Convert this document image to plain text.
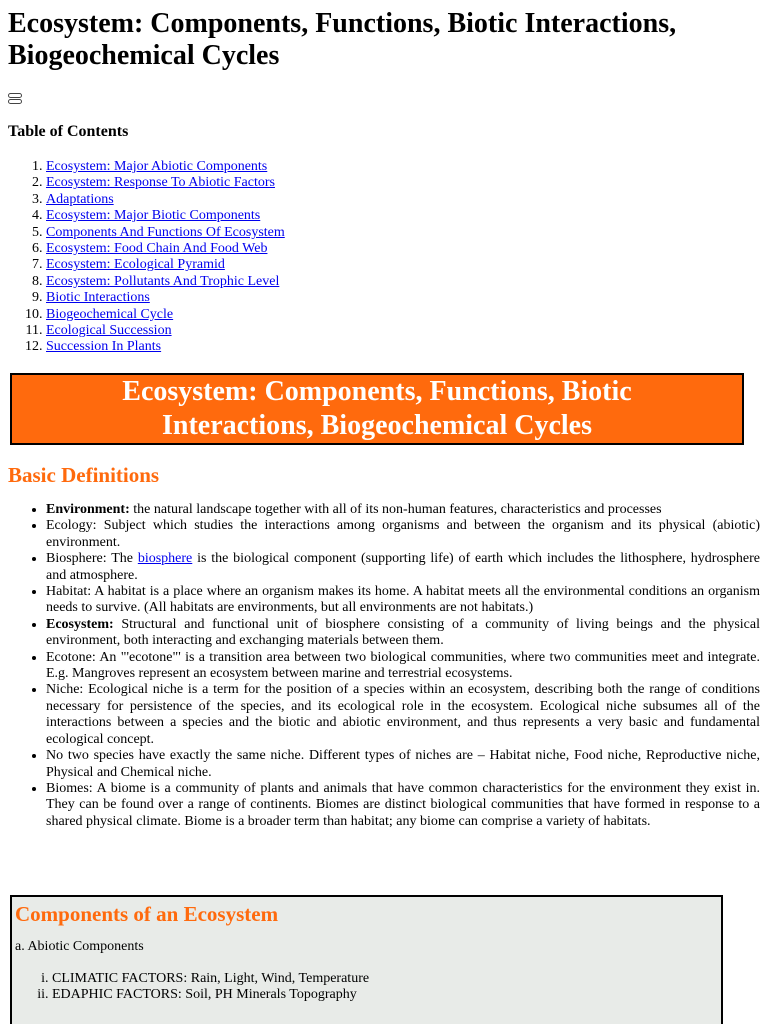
Ecosystem: Components, Functions, Biotic Interactions, Biogeochemical Cycles
Table of Contents
1. Ecosystem: Major Abiotic Components
2. Ecosystem: Response To Abiotic Factors
3. Adaptations
4. Ecosystem: Major Biotic Components
5. Components And Functions Of Ecosystem
6. Ecosystem: Food Chain And Food Web
7. Ecosystem: Ecological Pyramid
8. Ecosystem: Pollutants And Trophic Level
9. Biotic Interactions
10. Biogeochemical Cycle
11. Ecological Succession
12. Succession In Plants
Ecosystem: Components, Functions, Biotic Interactions, Biogeochemical Cycles
Basic Definitions
• Environment: the natural landscape together with all of its non-human features, characteristics and processes
• Ecology: Subject which studies the interactions among organisms and between the organism and its physical (abiotic) environment.
• Biosphere: The biosphere is the biological component (supporting life) of earth which includes the lithosphere, hydrosphere and atmosphere.
• Habitat: A habitat is a place where an organism makes its home. A habitat meets all the environmental conditions an organism needs to survive. (All habitats are environments, but all environments are not habitats.)
• Ecosystem: Structural and functional unit of biosphere consisting of a community of living beings and the physical environment, both interacting and exchanging materials between them.
• Ecotone: An "'ecotone"' is a transition area between two biological communities, where two communities meet and integrate. E.g. Mangroves represent an ecosystem between marine and terrestrial ecosystems.
• Niche: Ecological niche is a term for the position of a species within an ecosystem, describing both the range of conditions necessary for persistence of the species, and its ecological role in the ecosystem. Ecological niche subsumes all of the interactions between a species and the biotic and abiotic environment, and thus represents a very basic and fundamental ecological concept.
• No two species have exactly the same niche. Different types of niches are – Habitat niche, Food niche, Reproductive niche, Physical and Chemical niche.
• Biomes: A biome is a community of plants and animals that have common characteristics for the environment they exist in. They can be found over a range of continents. Biomes are distinct biological communities that have formed in response to a shared physical climate. Biome is a broader term than habitat; any biome can comprise a variety of habitats.
Components of an Ecosystem
a. Abiotic Components
i. CLIMATIC FACTORS: Rain, Light, Wind, Temperature
ii. EDAPHIC FACTORS: Soil, PH Minerals Topography
